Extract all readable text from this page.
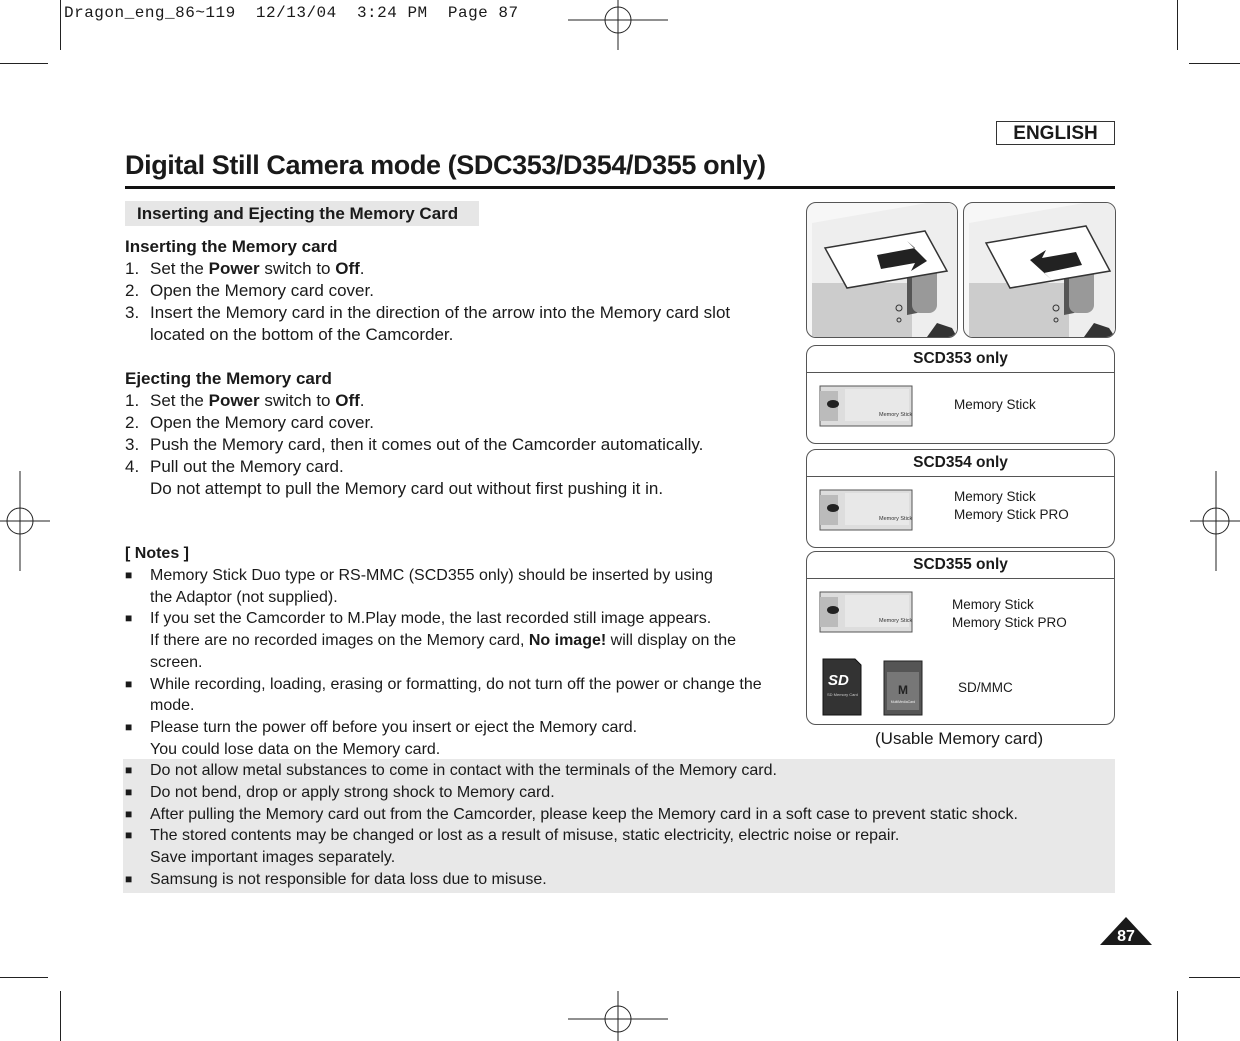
Dragon_eng_86~119  12/13/04  3:24 PM  Page 87
ENGLISH
Digital Still Camera mode (SDC353/D354/D355 only)
Inserting and Ejecting the Memory Card
Inserting the Memory card
1. Set the Power switch to Off.
2. Open the Memory card cover.
3. Insert the Memory card in the direction of the arrow into the Memory card slot
located on the bottom of the Camcorder.
Ejecting the Memory card
1. Set the Power switch to Off.
2. Open the Memory card cover.
3. Push the Memory card, then it comes out of the Camcorder automatically.
4. Pull out the Memory card.
Do not attempt to pull the Memory card out without first pushing it in.
[ Notes ]
■	Memory Stick Duo type or RS-MMC (SCD355 only) should be inserted by using
the Adaptor (not supplied).
■	If you set the Camcorder to M.Play mode, the last recorded still image appears.
If there are no recorded images on the Memory card, No image! will display on the
screen.
■	While recording, loading, erasing or formatting, do not turn off the power or change the
mode.
■	Please turn the power off before you insert or eject the Memory card.
You could lose data on the Memory card.
■	Do not allow metal substances to come in contact with the terminals of the Memory card.
■	Do not bend, drop or apply strong shock to Memory card.
■	After pulling the Memory card out from the Camcorder, please keep the Memory card in a soft case to prevent static shock.
■	The stored contents may be changed or lost as a result of misuse, static electricity, electric noise or repair.
Save important images separately.
■	Samsung is not responsible for data loss due to misuse.
SCD353 only
Memory Stick
Memory Stick
SCD354 only
Memory Stick
Memory Stick
Memory Stick PRO
SCD355 only
Memory Stick
Memory Stick
Memory Stick PRO
SD
SD Memory Card	M
MultiMediaCard
SD/MMC
(Usable Memory card)
87
